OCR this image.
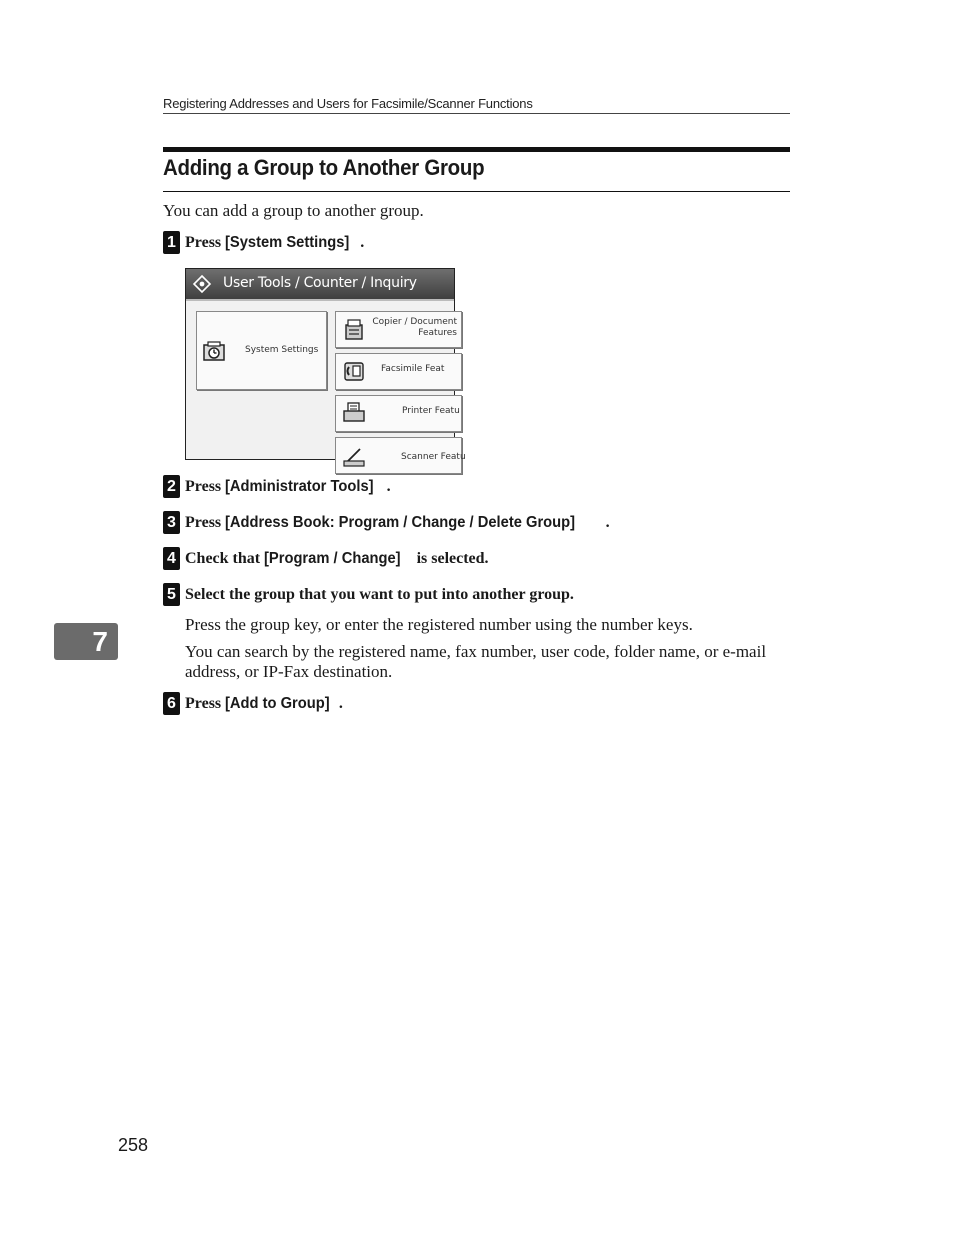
Registering Addresses and Users for Facsimile/Scanner Functions
Adding a Group to Another Group
You can add a group to another group.
1 Press [System Settings] .
User Tools / Counter / Inquiry
System Settings
Copier / Document
Features
Facsimile Feat
Printer Featu
Scanner Featu
2 Press [Administrator Tools] .
3 Press [Address Book: Program / Change / Delete Group] .
4 Check that [Program / Change] is selected.
5 Select the group that you want to put into another group.
Press the group key, or enter the registered number using the number keys.
You can search by the registered name, fax number, user code, folder name, or e-mail address, or IP-Fax destination.
6 Press [Add to Group] .
7
258
